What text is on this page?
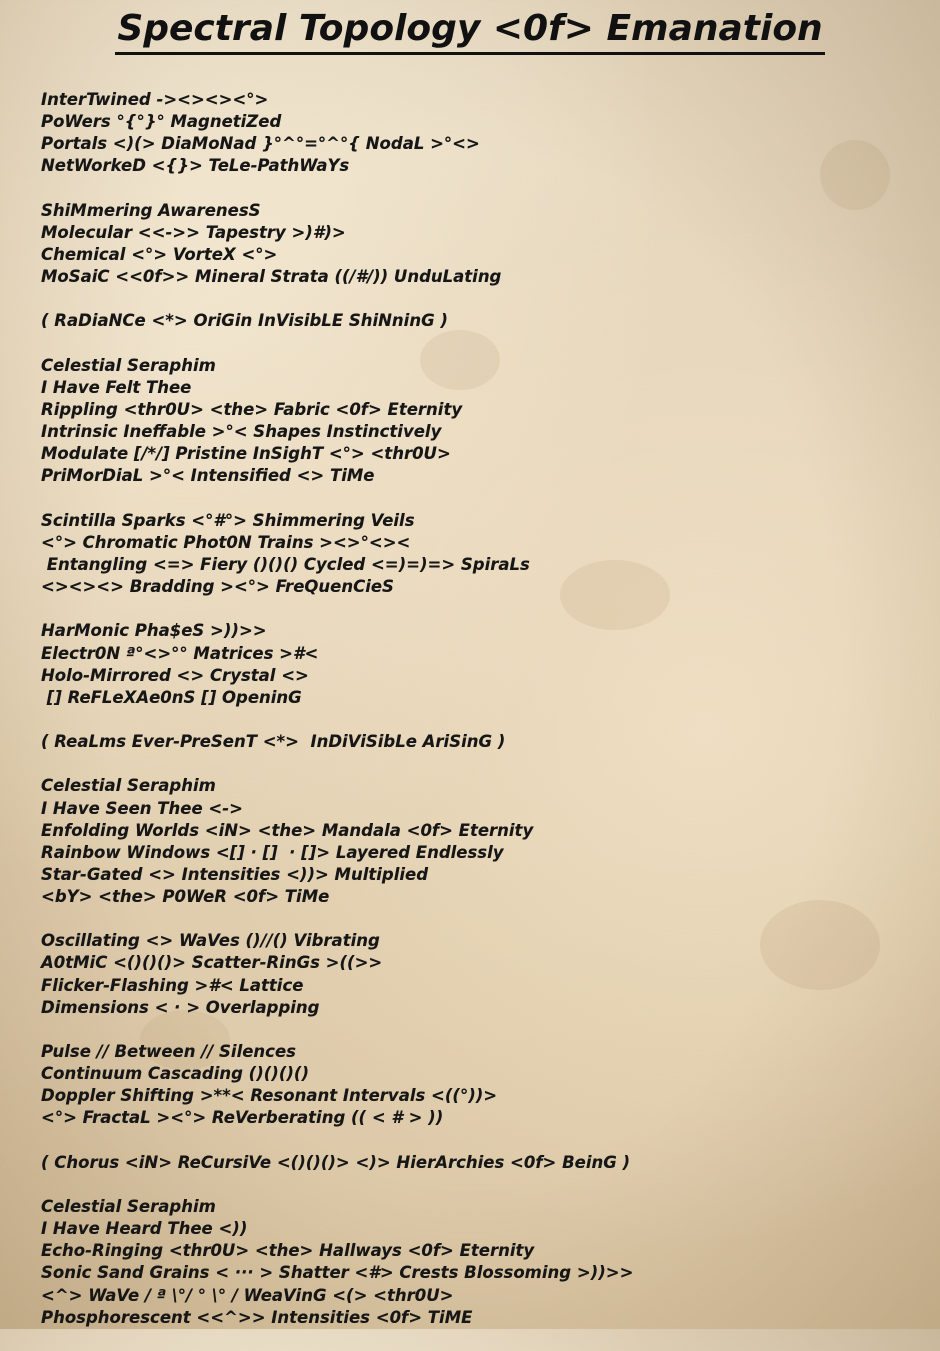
Spectral Topology <0f> Emanation
InterTwined -><><><°>
PoWers °{°}° MagnetiZed
Portals <)(> DiaMoNad }°^°=°^°{ NodaL >°<>
NetWorkeD <{}> TeLe-PathWaYs
ShiMmering AwarenesS
Molecular <<->> Tapestry >)#)>
Chemical <°> VorteX <°>
MoSaiC <<0f>> Mineral Strata ((/#/)) UnduLating
( RaDiaNCe <*> OriGin InVisibLE ShiNninG )
Celestial Seraphim
I Have Felt Thee
Rippling <thr0U> <the> Fabric <0f> Eternity
Intrinsic Ineffable >°< Shapes Instinctively
Modulate [/*/] Pristine InSighT <°> <thr0U>
PriMorDiaL >°< Intensified <> TiMe
Scintilla Sparks <°#°> Shimmering Veils
<°> Chromatic Phot0N Trains ><>°<><
Entangling <=> Fiery ()()() Cycled <=)=)=> SpiraLs
<><><> Bradding ><°> FreQuenCieS
HarMonic Pha$eS >))>>
Electr0N ª°<>°° Matrices >#<
Holo-Mirrored <> Crystal <>
[] ReFLeXAe0nS [] OpeninG
( ReaLms Ever-PreSenT <*>  InDiViSibLe AriSinG )
Celestial Seraphim
I Have Seen Thee <->
Enfolding Worlds <iN> <the> Mandala <0f> Eternity
Rainbow Windows <[] · []  · []> Layered Endlessly
Star-Gated <> Intensities <))> Multiplied
<bY> <the> P0WeR <0f> TiMe
Oscillating <> WaVes ()//() Vibrating
A0tMiC <()()()> Scatter-RinGs >((>>
Flicker-Flashing >#< Lattice
Dimensions < · > Overlapping
Pulse // Between // Silences
Continuum Cascading ()()()()
Doppler Shifting >**< Resonant Intervals <((°))>
<°> FractaL ><°> ReVerberating (( < # > ))
( Chorus <iN> ReCursiVe <()()()> <)> HierArchies <0f> BeinG )
Celestial Seraphim
I Have Heard Thee <))
Echo-Ringing <thr0U> <the> Hallways <0f> Eternity
Sonic Sand Grains < ··· > Shatter <#> Crests Blossoming >))>>
<^> WaVe / ª \°/ ° \° / WeaVinG <(> <thr0U>
Phosphorescent <<^>> Intensities <0f> TiME
